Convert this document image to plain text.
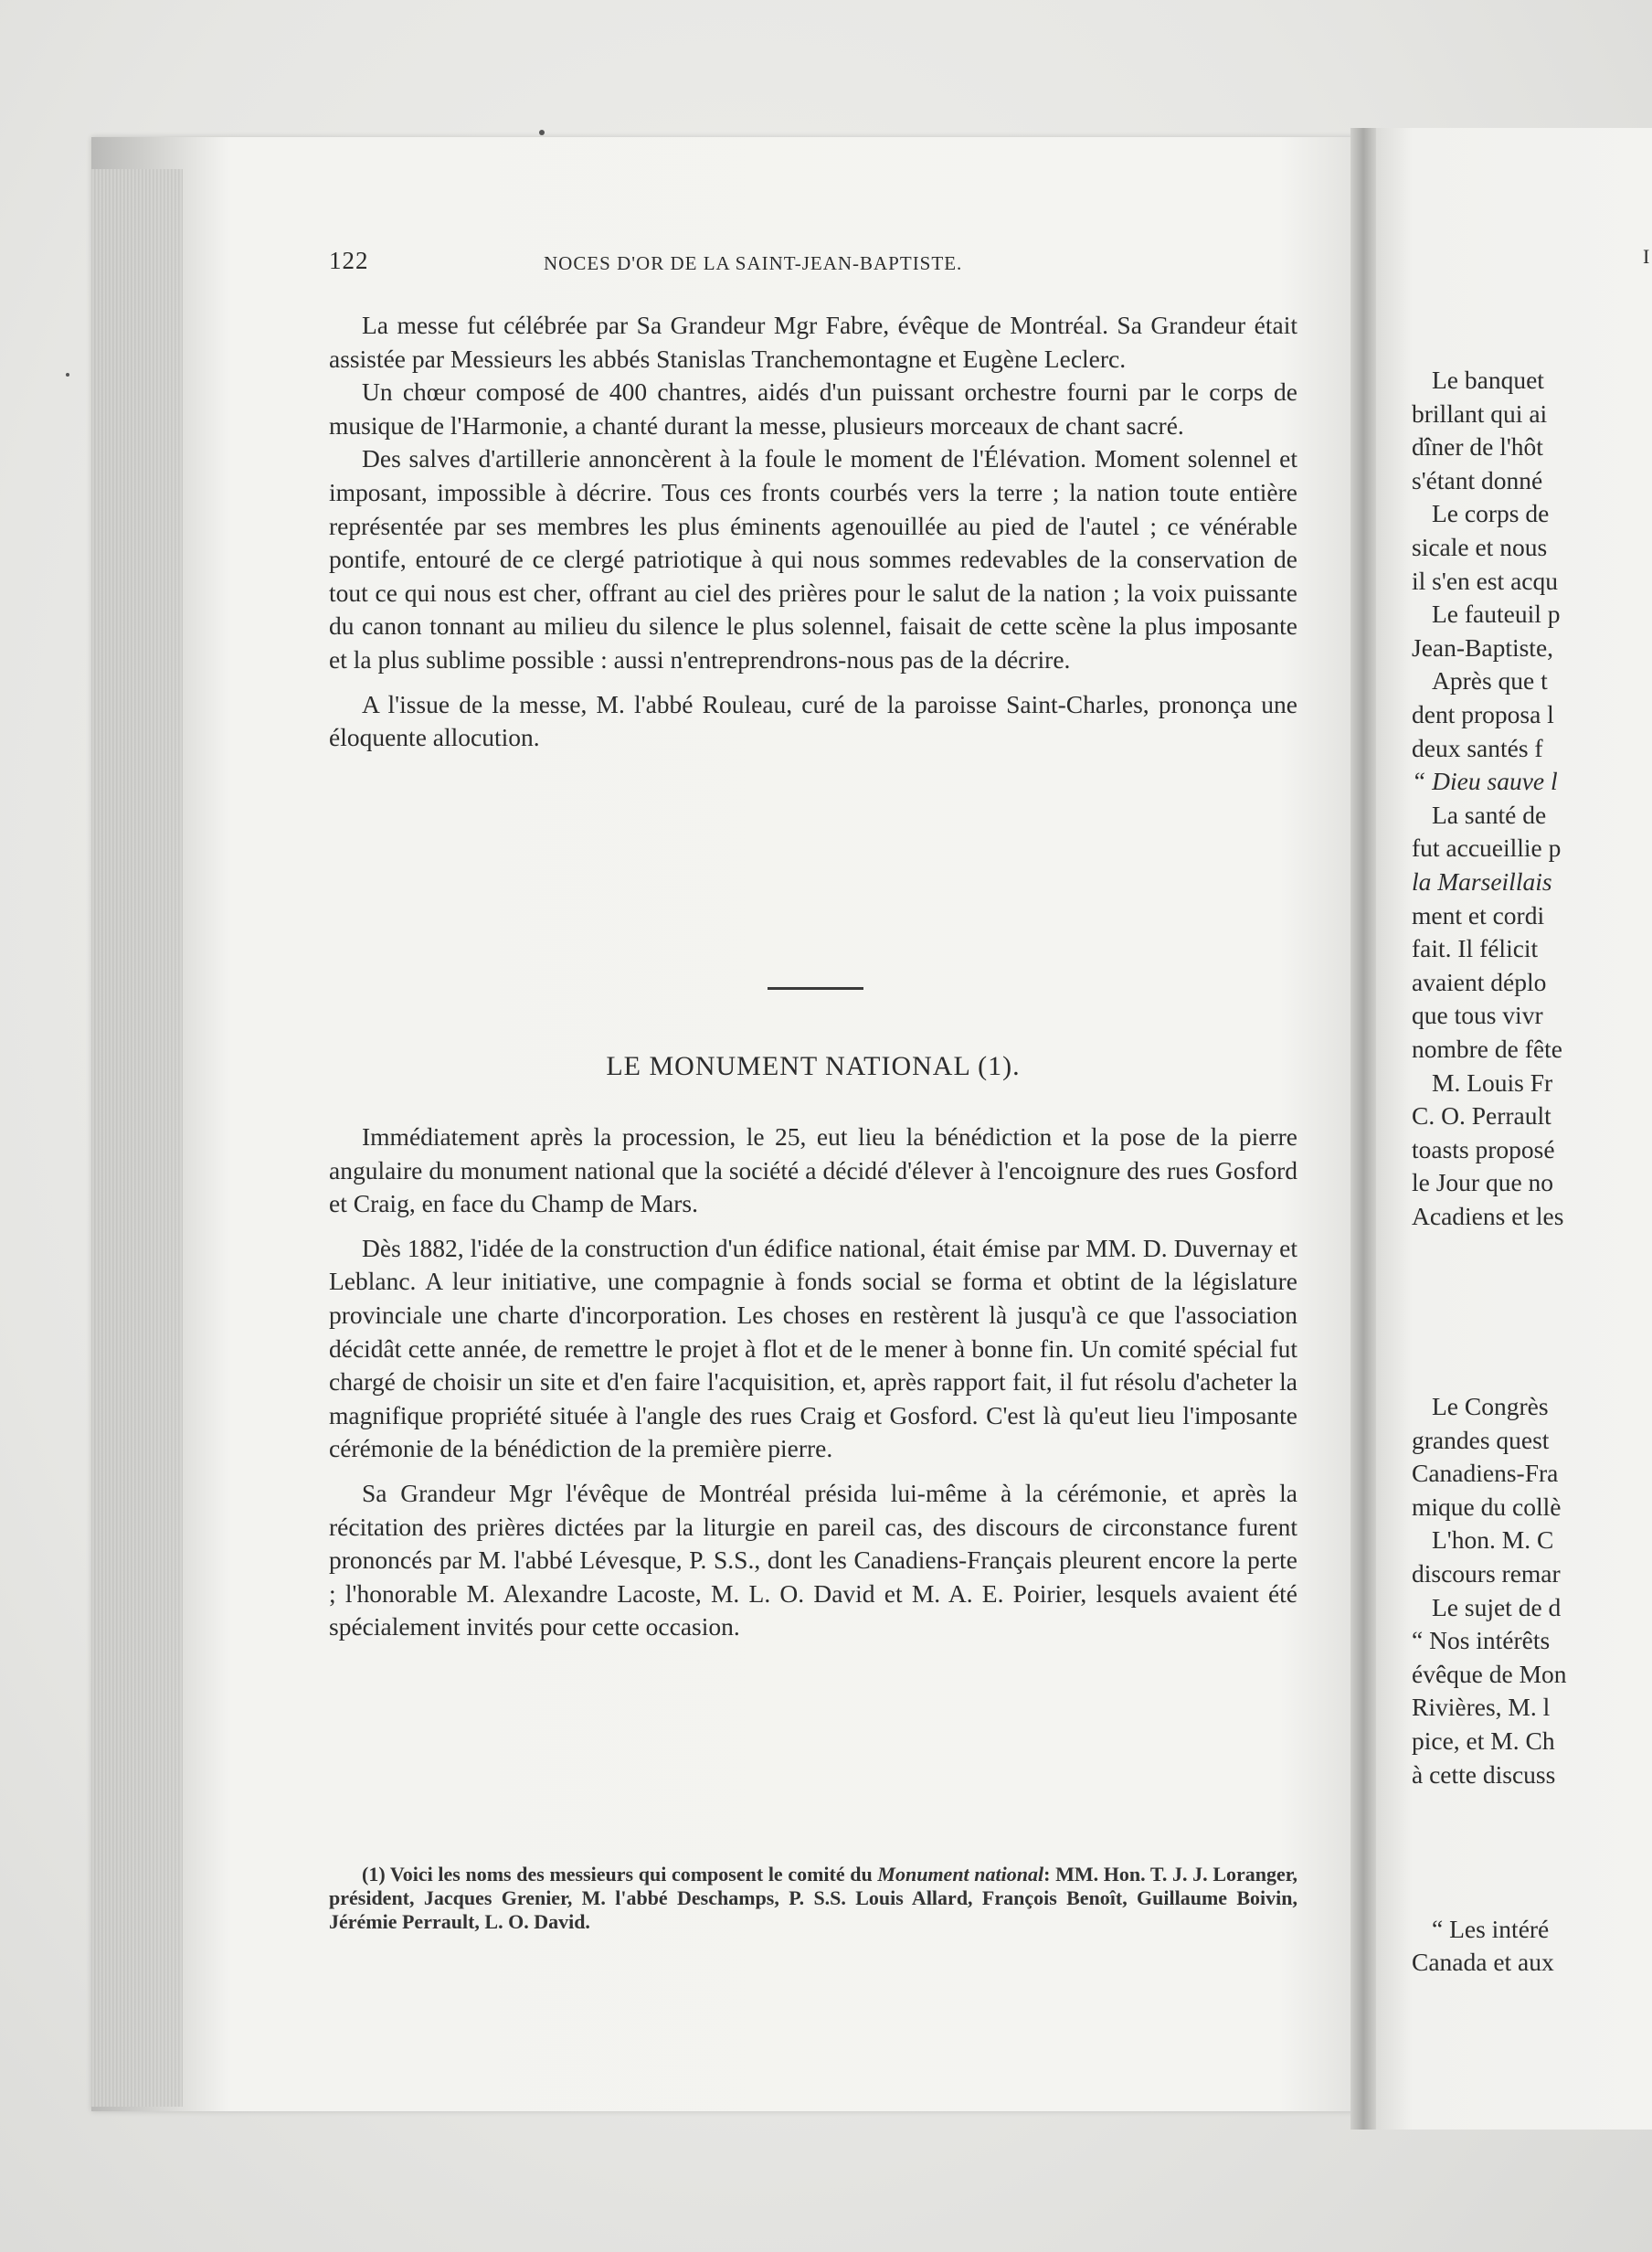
122	NOCES D'OR DE LA SAINT-JEAN-BAPTISTE.

La messe fut célébrée par Sa Grandeur Mgr Fabre, évêque de Montréal. Sa Grandeur était assistée par Messieurs les abbés Stanislas Tranchemontagne et Eugène Leclerc.

Un chœur composé de 400 chantres, aidés d'un puissant orchestre fourni par le corps de musique de l'Harmonie, a chanté durant la messe, plusieurs morceaux de chant sacré.

Des salves d'artillerie annoncèrent à la foule le moment de l'Élévation. Moment solennel et imposant, impossible à décrire. Tous ces fronts courbés vers la terre ; la nation toute entière représentée par ses membres les plus éminents agenouillée au pied de l'autel ; ce vénérable pontife, entouré de ce clergé patriotique à qui nous sommes redevables de la conservation de tout ce qui nous est cher, offrant au ciel des prières pour le salut de la nation ; la voix puissante du canon tonnant au milieu du silence le plus solennel, faisait de cette scène la plus imposante et la plus sublime possible : aussi n'entreprendrons-nous pas de la décrire.

A l'issue de la messe, M. l'abbé Rouleau, curé de la paroisse Saint-Charles, prononça une éloquente allocution.

LE MONUMENT NATIONAL (1).

Immédiatement après la procession, le 25, eut lieu la bénédiction et la pose de la pierre angulaire du monument national que la société a décidé d'élever à l'encoignure des rues Gosford et Craig, en face du Champ de Mars.

Dès 1882, l'idée de la construction d'un édifice national, était émise par MM. D. Duvernay et Leblanc. A leur initiative, une compagnie à fonds social se forma et obtint de la législature provinciale une charte d'incorporation. Les choses en restèrent là jusqu'à ce que l'association décidât cette année, de remettre le projet à flot et de le mener à bonne fin. Un comité spécial fut chargé de choisir un site et d'en faire l'acquisition, et, après rapport fait, il fut résolu d'acheter la magnifique propriété située à l'angle des rues Craig et Gosford. C'est là qu'eut lieu l'imposante cérémonie de la bénédiction de la première pierre.

Sa Grandeur Mgr l'évêque de Montréal présida lui-même à la cérémonie, et après la récitation des prières dictées par la liturgie en pareil cas, des discours de circonstance furent prononcés par M. l'abbé Lévesque, P. S.S., dont les Canadiens-Français pleurent encore la perte ; l'honorable M. Alexandre Lacoste, M. L. O. David et M. A. E. Poirier, lesquels avaient été spécialement invités pour cette occasion.

(1) Voici les noms des messieurs qui composent le comité du Monument national: MM. Hon. T. J. J. Loranger, président, Jacques Grenier, M. l'abbé Deschamps, P. S.S. Louis Allard, François Benoît, Guillaume Boivin, Jérémie Perrault, L. O. David.

I
Le banquet
brillant qui ai
dîner de l'hôt
s'étant donné
Le corps de
sicale et nous
il s'en est acqu
Le fauteuil p
Jean-Baptiste,
Après que t
dent proposa l
deux santés f
“ Dieu sauve l
La santé de
fut accueillie p
la Marseillais
ment et cordi
fait. Il félicit
avaient déplo
que tous vivr
nombre de fête
M. Louis Fr
C. O. Perrault
toasts proposé
le Jour que no
Acadiens et les
Le Congrès
grandes quest
Canadiens-Fra
mique du collè
L'hon. M. C
discours remar
Le sujet de d
“ Nos intérêts
évêque de Mon
Rivières, M. l
pice, et M. Ch
à cette discuss
“ Les intéré
Canada et aux
